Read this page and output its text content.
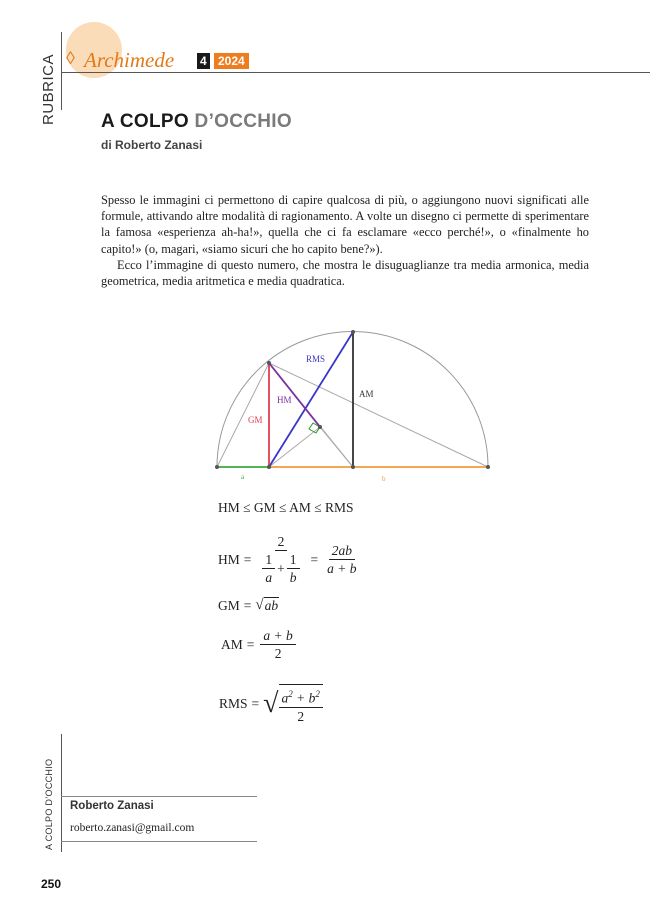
RUBRICA ◊ Archimede 4 2024
A COLPO D’OCCHIO
di Roberto Zanasi

Spesso le immagini ci permettono di capire qualcosa di più, o aggiungono nuovi significati alle formule, attivando altre modalità di ragionamento. A volte un disegno ci permette di sperimentare la famosa «esperienza ah-ha!», quella che ci fa esclamare «ecco perché!», o «finalmente ho capito!» (o, magari, «siamo sicuri che ho capito bene?»).

Ecco l’immagine di questo numero, che mostra le disuguaglianze tra media armonica, media geometrica, media aritmetica e media quadratica.

RMS
HM
AM
GM
a	b
HM ≤ GM ≤ AM ≤ RMS
HM = $\frac{2}{\frac{1}{a} + \frac{1}{b}} = \frac{2ab}{a + b}$
GM = √ ab
AM = $\frac{a + b}{2}$
RMS = √ $\frac{a^2 + b^2}{2}$
A COLPO D’OCCHIO	Roberto Zanasi
roberto.zanasi@gmail.com
250
